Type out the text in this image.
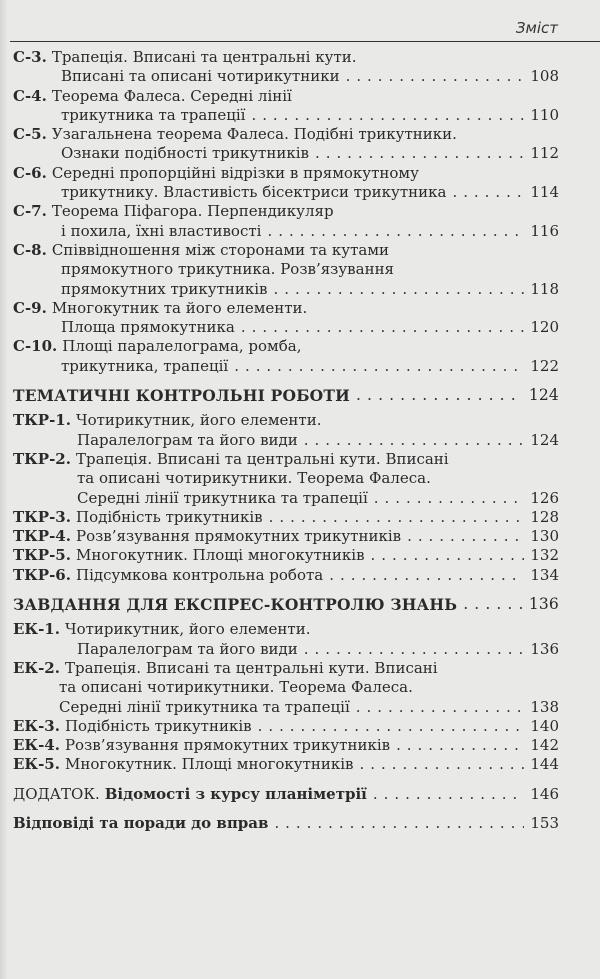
Зміст
С-3. Трапеція. Вписані та центральні кути.
Вписані та описані чотирикутники . . .	108
С-4. Теорема Фалеса. Середні лінії
трикутника та трапеції . . .	110
С-5. Узагальнена теорема Фалеса. Подібні трикутники.
Ознаки подібності трикутників . . .	112
С-6. Середні пропорційні відрізки в прямокутному
трикутнику. Властивість бісектриси трикутника . . .	114
С-7. Теорема Піфагора. Перпендикуляр
і похила, їхні властивості . . .	116
С-8. Співвідношення між сторонами та кутами
прямокутного трикутника. Розв’язування
прямокутних трикутників . . .	118
С-9. Многокутник та його елементи.
Площа прямокутника . . .	120
С-10. Площі паралелограма, ромба,
трикутника, трапеції . . .	122
ТЕМАТИЧНІ КОНТРОЛЬНІ РОБОТИ . . .	124
ТКР-1. Чотирикутник, його елементи.
Паралелограм та його види . . .	124
ТКР-2. Трапеція. Вписані та центральні кути. Вписані
та описані чотирикутники. Теорема Фалеса.
Середні лінії трикутника та трапеції . . .	126
ТКР-3. Подібність трикутників . . .	128
ТКР-4. Розв’язування прямокутних трикутників . . .	130
ТКР-5. Многокутник. Площі многокутників . . .	132
ТКР-6. Підсумкова контрольна робота . . .	134
ЗАВДАННЯ ДЛЯ ЕКСПРЕС-КОНТРОЛЮ ЗНАНЬ . . .	136
ЕК-1. Чотирикутник, його елементи.
Паралелограм та його види . . .	136
ЕК-2. Трапеція. Вписані та центральні кути. Вписані
та описані чотирикутники. Теорема Фалеса.
Середні лінії трикутника та трапеції . . .	138
ЕК-3. Подібність трикутників . . .	140
ЕК-4. Розв’язування прямокутних трикутників . . .	142
ЕК-5. Многокутник. Площі многокутників . . .	144
ДОДАТОК. Відомості з курсу планіметрії . . .	146
Відповіді та поради до вправ . . .	153
